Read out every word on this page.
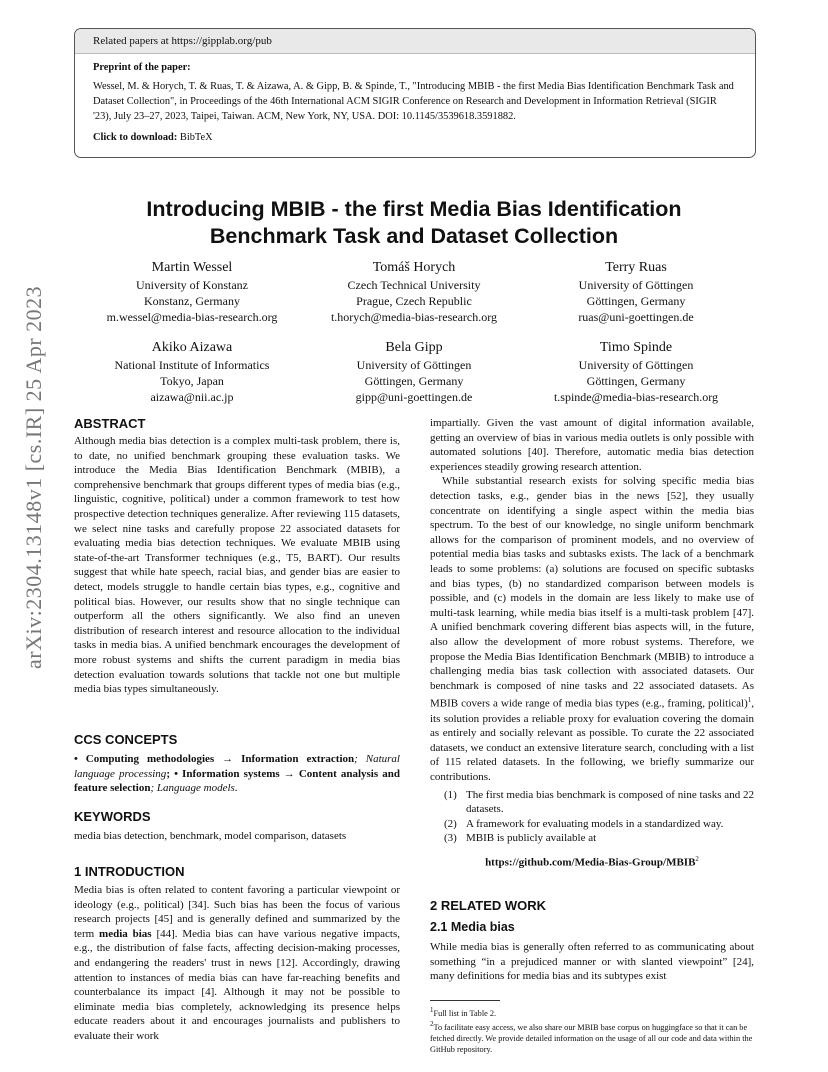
Related papers at https://gipplab.org/pub
Preprint of the paper:
Wessel, M. & Horych, T. & Ruas, T. & Aizawa, A. & Gipp, B. & Spinde, T., "Introducing MBIB - the first Media Bias Identification Benchmark Task and Dataset Collection", in Proceedings of the 46th International ACM SIGIR Conference on Research and Development in Information Retrieval (SIGIR '23), July 23–27, 2023, Taipei, Taiwan. ACM, New York, NY, USA. DOI: 10.1145/3539618.3591882.
Click to download: BibTeX
arXiv:2304.13148v1 [cs.IR] 25 Apr 2023
Introducing MBIB - the first Media Bias Identification
Benchmark Task and Dataset Collection
Martin Wessel
University of Konstanz
Konstanz, Germany
m.wessel@media-bias-research.org
Tomáš Horych
Czech Technical University
Prague, Czech Republic
t.horych@media-bias-research.org
Terry Ruas
University of Göttingen
Göttingen, Germany
ruas@uni-goettingen.de
Akiko Aizawa
National Institute of Informatics
Tokyo, Japan
aizawa@nii.ac.jp
Bela Gipp
University of Göttingen
Göttingen, Germany
gipp@uni-goettingen.de
Timo Spinde
University of Göttingen
Göttingen, Germany
t.spinde@media-bias-research.org
ABSTRACT

Although media bias detection is a complex multi-task problem, there is, to date, no unified benchmark grouping these evaluation tasks. We introduce the Media Bias Identification Benchmark (MBIB), a comprehensive benchmark that groups different types of media bias (e.g., linguistic, cognitive, political) under a common framework to test how prospective detection techniques generalize. After reviewing 115 datasets, we select nine tasks and carefully propose 22 associated datasets for evaluating media bias detection techniques. We evaluate MBIB using state-of-the-art Transformer techniques (e.g., T5, BART). Our results suggest that while hate speech, racial bias, and gender bias are easier to detect, models struggle to handle certain bias types, e.g., cognitive and political bias. However, our results show that no single technique can outperform all the others significantly. We also find an uneven distribution of research interest and resource allocation to the individual tasks in media bias. A unified benchmark encourages the development of more robust systems and shifts the current paradigm in media bias detection evaluation towards solutions that tackle not one but multiple media bias types simultaneously.

CCS CONCEPTS

• Computing methodologies → Information extraction; Natural language processing; • Information systems → Content analysis and feature selection; Language models.

KEYWORDS

media bias detection, benchmark, model comparison, datasets

1 INTRODUCTION

Media bias is often related to content favoring a particular viewpoint or ideology (e.g., political) [34]. Such bias has been the focus of various research projects [45] and is generally defined and summarized by the term media bias [44]. Media bias can have various negative impacts, e.g., the distribution of false facts, affecting decision-making processes, and endangering the readers' trust in news [12]. Accordingly, drawing attention to instances of media bias can have far-reaching benefits and counterbalance its impact [4]. Although it may not be possible to eliminate media bias completely, acknowledging its presence helps educate readers about it and encourages journalists and publishers to evaluate their work

impartially. Given the vast amount of digital information available, getting an overview of bias in various media outlets is only possible with automated solutions [40]. Therefore, automatic media bias detection experiences steadily growing research attention.

While substantial research exists for solving specific media bias detection tasks, e.g., gender bias in the news [52], they usually concentrate on identifying a single aspect within the media bias spectrum. To the best of our knowledge, no single uniform benchmark allows for the comparison of prominent models, and no overview of potential media bias tasks and subtasks exists. The lack of a benchmark leads to some problems: (a) solutions are focused on specific subtasks and bias types, (b) no standardized comparison between models is possible, and (c) models in the domain are less likely to make use of multi-task learning, while media bias itself is a multi-task problem [47]. A unified benchmark covering different bias aspects will, in the future, also allow the development of more robust systems. Therefore, we propose the Media Bias Identification Benchmark (MBIB) to introduce a challenging media bias task collection with associated datasets. Our benchmark is composed of nine tasks and 22 associated datasets. As MBIB covers a wide range of media bias types (e.g., framing, political)$^1$, its solution provides a reliable proxy for evaluation covering the domain as entirely and socially relevant as possible. To curate the 22 associated datasets, we conduct an extensive literature search, concluding with a list of 115 related datasets. In the following, we briefly summarize our contributions.

(1) The first media bias benchmark is composed of nine tasks and 22 datasets.
(2) A framework for evaluating models in a standardized way.
(3) MBIB is publicly available at
https://github.com/Media-Bias-Group/MBIB$^2$
2 RELATED WORK
2.1 Media bias

While media bias is generally often referred to as communicating about something “in a prejudiced manner or with slanted viewpoint” [24], many definitions for media bias and its subtypes exist

$^1$Full list in Table 2.
$^2$To facilitate easy access, we also share our MBIB base corpus on huggingface so that it can be fetched directly. We provide detailed information on the usage of all our code and data within the GitHub repository.
